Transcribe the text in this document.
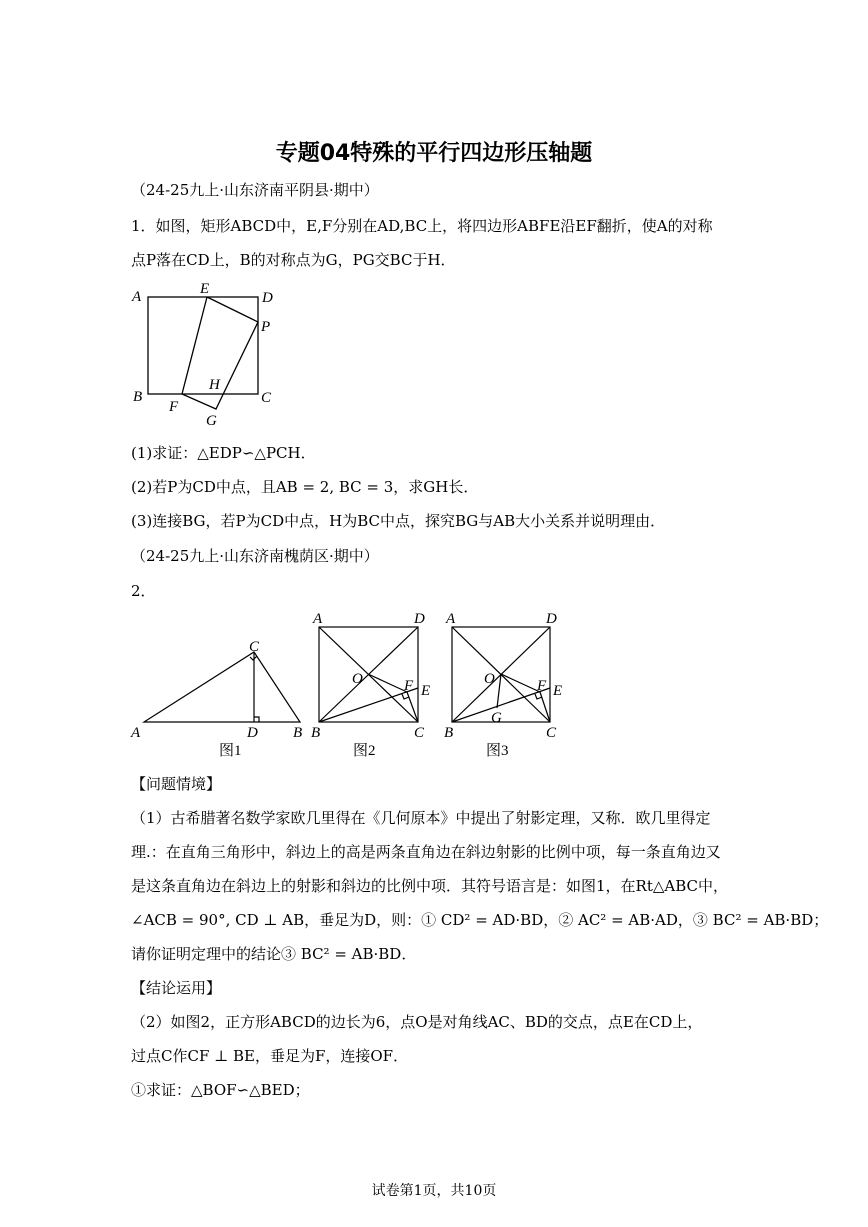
专题04特殊的平行四边形压轴题
（24-25九上·山东济南平阴县·期中）
1．如图，矩形ABCD中，E,F分别在AD,BC上，将四边形ABFE沿EF翻折，使A的对称
点P落在CD上，B的对称点为G，PG交BC于H．
A	E
D
P
H
B
F
C
G
(1)求证：△EDP∽△PCH．
(2)若P为CD中点，且AB = 2, BC = 3，求GH长．
(3)连接BG，若P为CD中点，H为BC中点，探究BG与AB大小关系并说明理由．
（24-25九上·山东济南槐荫区·期中）
2．
C
A	D B
A	D
O	F E
B	C
A	D
O	F E
G
B	C
图1	图2	图3
【问题情境】
（1）古希腊著名数学家欧几里得在《几何原本》中提出了射影定理，又称．欧几里得定
理.：在直角三角形中，斜边上的高是两条直角边在斜边射影的比例中项，每一条直角边又
是这条直角边在斜边上的射影和斜边的比例中项．其符号语言是：如图1，在Rt△ABC中，
∠ACB = 90°, CD ⊥ AB，垂足为D，则：① CD² = AD·BD，② AC² = AB·AD，③ BC² = AB·BD；
请你证明定理中的结论③ BC² = AB·BD．
【结论运用】
（2）如图2，正方形ABCD的边长为6，点O是对角线AC、BD的交点，点E在CD上，
过点C作CF ⊥ BE，垂足为F，连接OF．
①求证：△BOF∽△BED；
试卷第1页，共10页
